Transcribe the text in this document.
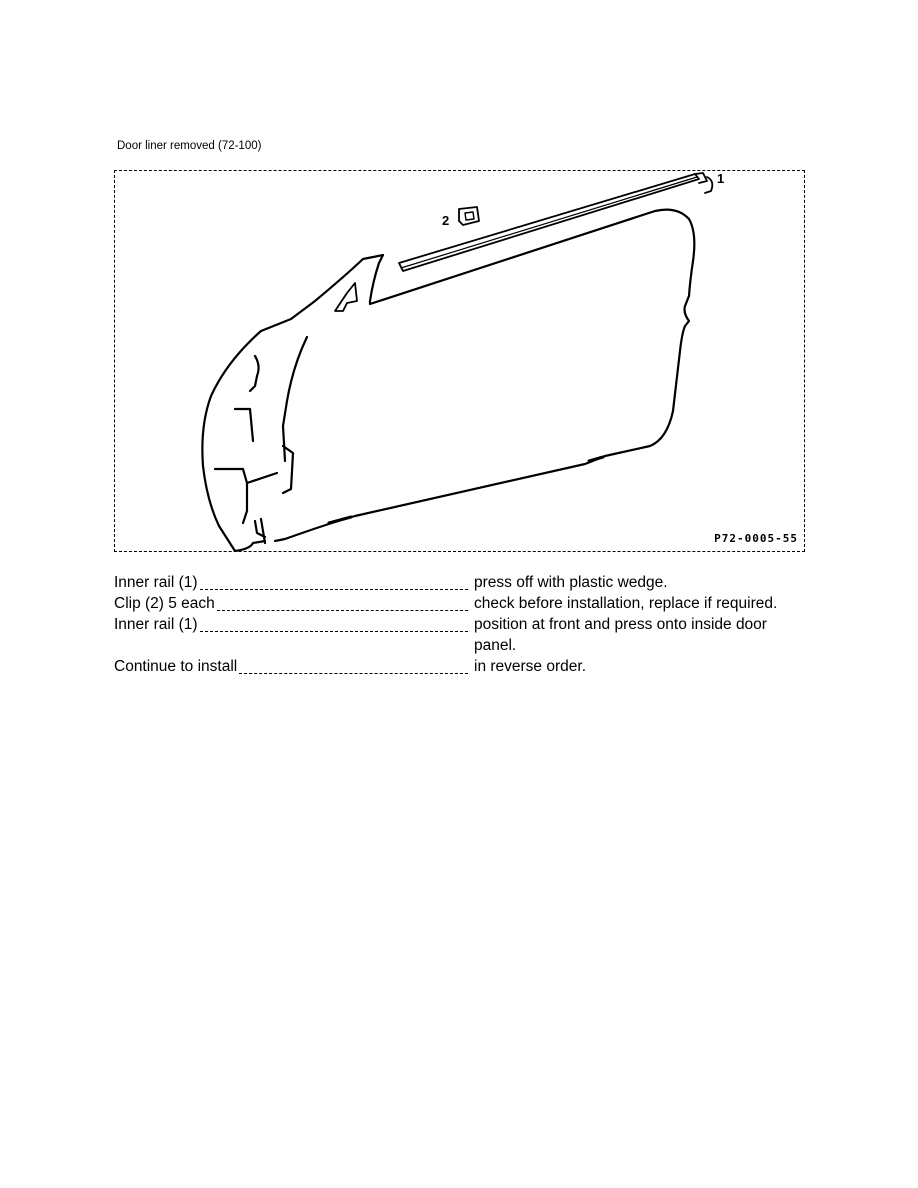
Door liner removed (72-100)
2
1
P72-0005-55
Inner rail (1)	press off with plastic wedge.
Clip (2) 5 each	check before installation, replace if required.
Inner rail (1)	position at front and press onto inside door panel.
Continue to install	in reverse order.
